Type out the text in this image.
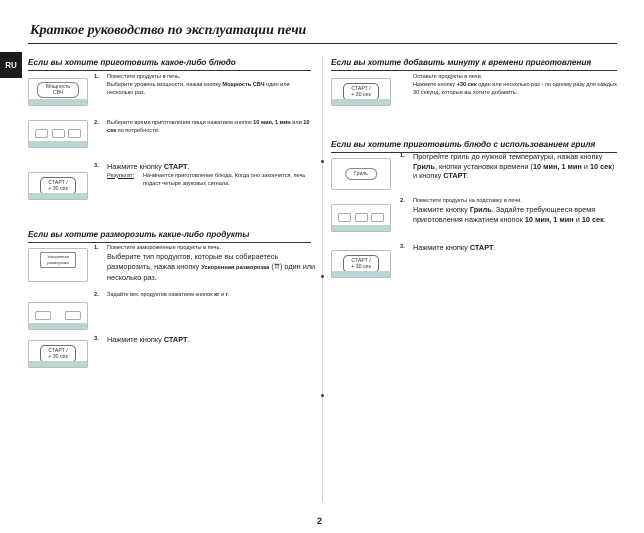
Краткое руководство по эксплуатации печи
RU	Если вы хотите приготовить какое-либо блюдо
Мощность СВЧ
1. Поместите продукты в печь.
Выберите уровень мощности, нажав кнопку Мощность СВЧ один или несколько раз.
2. Выберите время приготовления пищи нажатием кнопок 10 мин, 1 мин или 10 сек по потребности.
СТАРТ /
+ 30 сек
3. Нажмите кнопку СТАРТ.
Результат:	Начинается приготовление блюда. Когда оно закончится, печь подаст четыре звуковых сигнала.
Если вы хотите разморозить какие-либо продукты
Ускоренная разморозка
1. Поместите замороженные продукты в печь.
Выберите тип продуктов, которые вы собираетесь разморозить, нажав кнопку Ускоренная разморозка (⇈) один или несколько раз.
2. Задайте вес продуктов нажатием кнопок кг и г.
СТАРТ /
+ 30 сек
3. Нажмите кнопку СТАРТ.
Если вы хотите добавить минуту к времени приготовления
СТАРТ /
+ 30 сек
Оставьте продукты в печи.
Нажмите кнопку +30 сек один или несколько раз - по одному разу для каждых 30 секунд, которые вы хотите добавить.
Если вы хотите приготовить блюдо с использованием гриля
Гриль
1. Прогрейте гриль до нужной температуры, нажав кнопку Гриль, кнопки установки времени (10 мин, 1 мин и 10 сек) и кнопку СТАРТ.
2. Поместите продукты на подставку в печи.
Нажмите кнопку Гриль. Задайте требующееся время приготовления нажатием кнопок 10 мин, 1 мин и 10 сек.
СТАРТ /
+ 30 сек
3. Нажмите кнопку СТАРТ.
2
